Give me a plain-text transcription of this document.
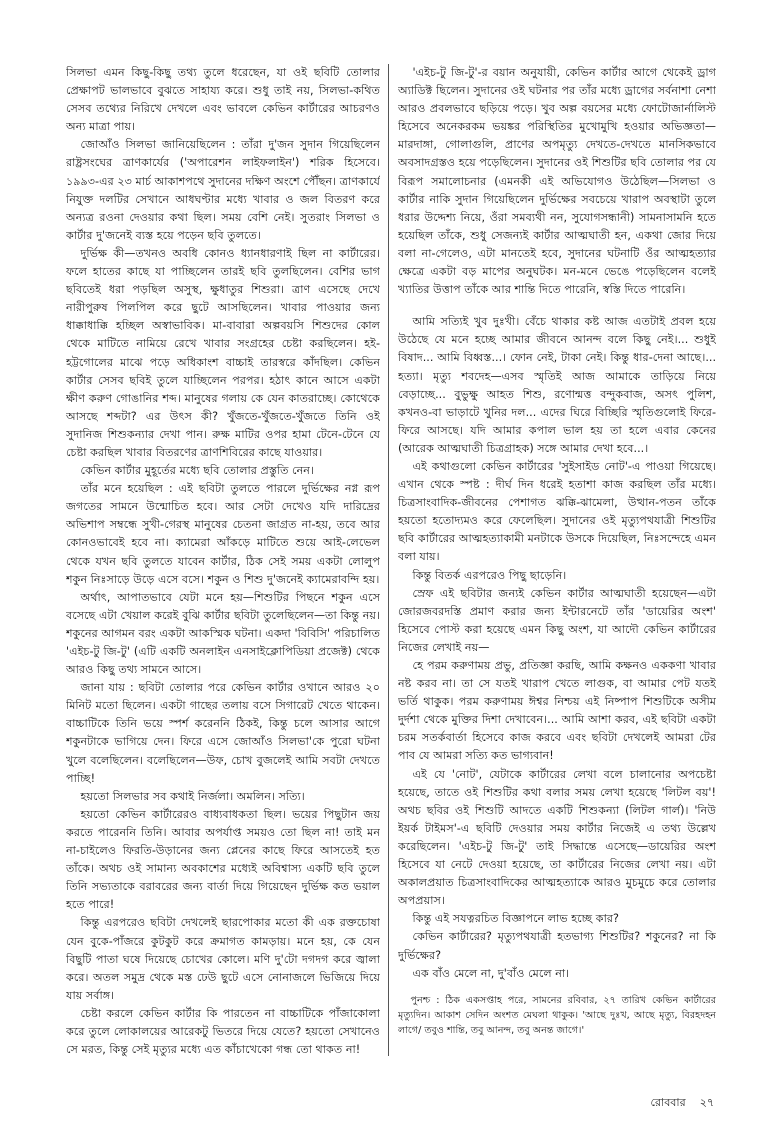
সিলভা এমন কিছু-কিছু তথ্য তুলে ধরেছেন, যা ওই ছবিটি তোলার প্রেক্ষাপট ভালভাবে বুঝতে সাহায্য করে। শুধু তাই নয়, সিলভা-কথিত সেসব তথ্যের নিরিখে দেখলে এবং ভাবলে কেভিন কার্টারের আচরণও অন্য মাত্রা পায়।

জোআঁও সিলভা জানিয়েছিলেন : তাঁরা দু'জন সুদান গিয়েছিলেন রাষ্ট্রসংঘের ত্রাণকার্যের ('অপারেশন লাইফলাইন') শরিক হিসেবে। ১৯৯৩-এর ২৩ মার্চ আকাশপথে সুদানের দক্ষিণ অংশে পৌঁছন। ত্রাণকার্যে নিযুক্ত দলটির সেখানে আধঘণ্টার মধ্যে খাবার ও জল বিতরণ করে অন্যত্র রওনা দেওয়ার কথা ছিল। সময় বেশি নেই। সুতরাং সিলভা ও কার্টার দু'জনেই ব্যস্ত হয়ে পড়েন ছবি তুলতে।

দুর্ভিক্ষ কী—তখনও অবধি কোনও ধ্যানধারণাই ছিল না কার্টারের। ফলে হাতের কাছে যা পাচ্ছিলেন তারই ছবি তুলছিলেন। বেশির ভাগ ছবিতেই ধরা পড়ছিল অসুস্থ, ক্ষুধাতুর শিশুরা। ত্রাণ এসেছে দেখে নারীপুরুষ পিলপিল করে ছুটে আসছিলেন। খাবার পাওয়ার জন্য ধাক্কাধাক্কি হচ্ছিল অস্বাভাবিক। মা-বাবারা অল্পবয়সি শিশুদের কোল থেকে মাটিতে নামিয়ে রেখে খাবার সংগ্রহের চেষ্টা করছিলেন। হই-হট্টগোলের মাঝে পড়ে অধিকাংশ বাচ্চাই তারস্বরে কাঁদছিল। কেভিন কার্টার সেসব ছবিই তুলে যাচ্ছিলেন পরপর। হঠাৎ কানে আসে একটা ক্ষীণ করুণ গোঙানির শব্দ। মানুষের গলায় কে যেন কাতরাচ্ছে। কোথেকে আসছে শব্দটা? এর উৎস কী? খুঁজতে-খুঁজতে-খুঁজতে তিনি ওই সুদানিজ শিশুকন্যার দেখা পান। রুক্ষ মাটির ওপর হামা টেনে-টেনে যে চেষ্টা করছিল খাবার বিতরণের ত্রাণশিবিরের কাছে যাওয়ার।

কেভিন কার্টার মুহূর্তের মধ্যে ছবি তোলার প্রস্তুতি নেন।

তাঁর মনে হয়েছিল : এই ছবিটা তুলতে পারলে দুর্ভিক্ষের নগ্ন রূপ জগতের সামনে উন্মোচিত হবে। আর সেটা দেখেও যদি দারিদ্রের অভিশাপ সম্বন্ধে সুখী-গেরস্থ মানুষের চেতনা জাগ্রত না-হয়, তবে আর কোনওভাবেই হবে না। ক্যামেরা আঁকড়ে মাটিতে শুয়ে আই-লেভেল থেকে যখন ছবি তুলতে যাবেন কার্টার, ঠিক সেই সময় একটা লোলুপ শকুন নিঃসাড়ে উড়ে এসে বসে। শকুন ও শিশু দু'জনেই ক্যামেরাবন্দি হয়।

অর্থাৎ, আপাতভাবে যেটা মনে হয়—শিশুটির পিছনে শকুন এসে বসেছে এটা খেয়াল করেই বুঝি কার্টার ছবিটা তুলেছিলেন—তা কিন্তু নয়। শকুনের আগমন বরং একটা আকস্মিক ঘটনা। একদা 'বিবিসি' পরিচালিত 'এইচ-টু জি-টু' (এটি একটি অনলাইন এনসাইক্লোপিডিয়া প্রজেক্ট) থেকে আরও কিছু তথ্য সামনে আসে।

জানা যায় : ছবিটা তোলার পরে কেভিন কার্টার ওখানে আরও ২০ মিনিট মতো ছিলেন। একটা গাছের তলায় বসে সিগারেট খেতে থাকেন। বাচ্চাটিকে তিনি ভয়ে স্পর্শ করেননি ঠিকই, কিন্তু চলে আসার আগে শকুনটাকে ভাগিয়ে দেন। ফিরে এসে জোআঁও সিলভা'কে পুরো ঘটনা খুলে বলেছিলেন। বলেছিলেন—উফ, চোখ বুজলেই আমি সবটা দেখতে পাচ্ছি!

হয়তো সিলভার সব কথাই নির্জলা। অমলিন। সত্যি।

হয়তো কেভিন কার্টারেরও বাধ্যবাধকতা ছিল। ভয়ের পিছুটান জয় করতে পারেননি তিনি। আবার অপর্যাপ্ত সময়ও তো ছিল না! তাই মন না-চাইলেও ফিরতি-উড়ানের জন্য প্লেনের কাছে ফিরে আসতেই হত তাঁকে। অথচ ওই সামান্য অবকাশের মধ্যেই অবিশ্বাস্য একটি ছবি তুলে তিনি সভ্যতাকে বরাবরের জন্য বার্তা দিয়ে গিয়েছেন দুর্ভিক্ষ কত ভয়াল হতে পারে!

কিন্তু এরপরেও ছবিটা দেখলেই ছারপোকার মতো কী এক রক্তচোষা যেন বুকে-পাঁজরে কুটকুট করে ক্রমাগত কামড়ায়। মনে হয়, কে যেন বিছুটি পাতা ঘষে দিয়েছে চোখের কোলে। মণি দু'টো দগদগ করে জ্বালা করে। অতল সমুদ্র থেকে মস্ত ঢেউ ছুটে এসে নোনাজলে ভিজিয়ে দিয়ে যায় সর্বাঙ্গ।

চেষ্টা করলে কেভিন কার্টার কি পারতেন না বাচ্চাটিকে পাঁজাকোলা করে তুলে লোকালয়ের আরেকটু ভিতরে দিয়ে যেতে? হয়তো সেখানেও সে মরত, কিন্তু সেই মৃত্যুর মধ্যে এত কাঁচাখেকো গন্ধ তো থাকত না!

'এইচ-টু জি-টু'-র বয়ান অনুযায়ী, কেভিন কার্টার আগে থেকেই ড্রাগ অ্যাডিক্ট ছিলেন। সুদানের ওই ঘটনার পর তাঁর মধ্যে ড্রাগের সর্বনাশা নেশা আরও প্রবলভাবে ছড়িয়ে পড়ে। খুব অল্প বয়সের মধ্যে ফোটোজার্নালিস্ট হিসেবে অনেকরকম ভয়ঙ্কর পরিস্থিতির মুখোমুখি হওয়ার অভিজ্ঞতা—মারদাঙ্গা, গোলাগুলি, প্রাণের অপমৃত্যু দেখতে-দেখতে মানসিকভাবে অবসাদগ্রস্তও হয়ে পড়েছিলেন। সুদানের ওই শিশুটির ছবি তোলার পর যে বিরূপ সমালোচনার (এমনকী এই অভিযোগও উঠেছিল—সিলভা ও কার্টার নাকি সুদান গিয়েছিলেন দুর্ভিক্ষের সবচেয়ে খারাপ অবস্থাটা তুলে ধরার উদ্দেশ্য নিয়ে, ওঁরা সমব্যথী নন, সুযোগসন্ধানী) সামনাসামনি হতে হয়েছিল তাঁকে, শুধু সেজন্যই কার্টার আত্মঘাতী হন, একথা জোর দিয়ে বলা না-গেলেও, এটা মানতেই হবে, সুদানের ঘটনাটি ওঁর আত্মহত্যার ক্ষেত্রে একটা বড় মাপের অনুঘটক। মন-মনে ভেঙে পড়েছিলেন বলেই খ্যাতির উত্তাপ তাঁকে আর শান্তি দিতে পারেনি, স্বস্তি দিতে পারেনি।

আমি সত্যিই খুব দুঃখী। বেঁচে থাকার কষ্ট আজ এতটাই প্রবল হয়ে উঠেছে যে মনে হচ্ছে আমার জীবনে আনন্দ বলে কিছু নেই।... শুধুই বিষাদ... আমি বিধ্বস্ত...। ফোন নেই, টাকা নেই। কিন্তু ধার-দেনা আছে।... হত্যা। মৃত্যু শবদেহ—এসব স্মৃতিই আজ আমাকে তাড়িয়ে নিয়ে বেড়াচ্ছে... বুভুক্ষু আহত শিশু, রণোন্মত্ত বন্দুকবাজ, অসৎ পুলিশ, কখনও-বা ভাড়াটে খুনির দল... এদের ঘিরে বিচ্ছিরি স্মৃতিগুলোই ফিরে-ফিরে আসছে। যদি আমার কপাল ভাল হয় তা হলে এবার কেনের (আরেক আত্মঘাতী চিত্রগ্রাহক) সঙ্গে আমার দেখা হবে...।

এই কথাগুলো কেভিন কার্টারের 'সুইসাইড নোট'-এ পাওয়া গিয়েছে। এখান থেকে স্পষ্ট : দীর্ঘ দিন ধরেই হতাশা কাজ করছিল তাঁর মধ্যে। চিত্রসাংবাদিক-জীবনের পেশাগত ঝক্কি-ঝামেলা, উত্থান-পতন তাঁকে হয়তো হতোদ্যমও করে ফেলেছিল। সুদানের ওই মৃত্যুপথযাত্রী শিশুটির ছবি কার্টারের আত্মহত্যাকামী মনটাকে উসকে দিয়েছিল, নিঃসন্দেহে এমন বলা যায়।

কিন্তু বিতর্ক এরপরেও পিছু ছাড়েনি।

স্রেফ এই ছবিটার জন্যই কেভিন কার্টার আত্মঘাতী হয়েছেন—এটা জোরজবরদস্তি প্রমাণ করার জন্য ইন্টারনেটে তাঁর 'ডায়েরির অংশ' হিসেবে পোস্ট করা হয়েছে এমন কিছু অংশ, যা আদৌ কেভিন কার্টারের নিজের লেখাই নয়—

হে পরম করুণাময় প্রভু, প্রতিজ্ঞা করছি, আমি কক্ষনও এককণা খাবার নষ্ট করব না। তা সে যতই খারাপ খেতে লাগুক, বা আমার পেট যতই ভর্তি থাকুক। পরম করুণাময় ঈশ্বর নিশ্চয় এই নিষ্পাপ শিশুটিকে অসীম দুর্দশা থেকে মুক্তির দিশা দেখাবেন।... আমি আশা করব, এই ছবিটা একটা চরম সতর্কবার্তা হিসেবে কাজ করবে এবং ছবিটা দেখলেই আমরা টের পাব যে আমরা সত্যি কত ভাগ্যবান!

এই যে 'নোট', যেটাকে কার্টারের লেখা বলে চালানোর অপচেষ্টা হয়েছে, তাতে ওই শিশুটির কথা বলার সময় লেখা হয়েছে 'লিটল বয়'! অথচ ছবির ওই শিশুটি আদতে একটি শিশুকন্যা (লিটল গার্ল)। 'নিউ ইয়র্ক টাইমস'-এ ছবিটি দেওয়ার সময় কার্টার নিজেই এ তথ্য উল্লেখ করেছিলেন। 'এইচ-টু জি-টু' তাই সিদ্ধান্তে এসেছে—ডায়েরির অংশ হিসেবে যা নেটে দেওয়া হয়েছে, তা কার্টারের নিজের লেখা নয়। এটা অকালপ্রয়াত চিত্রসাংবাদিকের আত্মহত্যাকে আরও মুচমুচে করে তোলার অপপ্রয়াস।

কিন্তু এই সযত্নরচিত বিজ্ঞাপনে লাভ হচ্ছে কার?

কেভিন কার্টারের? মৃত্যুপথযাত্রী হতভাগ্য শিশুটির? শকুনের? না কি দুর্ভিক্ষের?

এক বাঁও মেলে না, দু'বাঁও মেলে না।

পুনশ্চ : ঠিক একসপ্তাহ পরে, সামনের রবিবার, ২৭ তারিখ কেভিন কার্টারের মৃত্যুদিন। আকাশ সেদিন অংশত মেঘলা থাকুক। 'আছে দুঃখ, আছে মৃত্যু, বিরহদহন লাগে/ তবুও শান্তি, তবু আনন্দ, তবু অনন্ত জাগে।'

রোববার ২৭
